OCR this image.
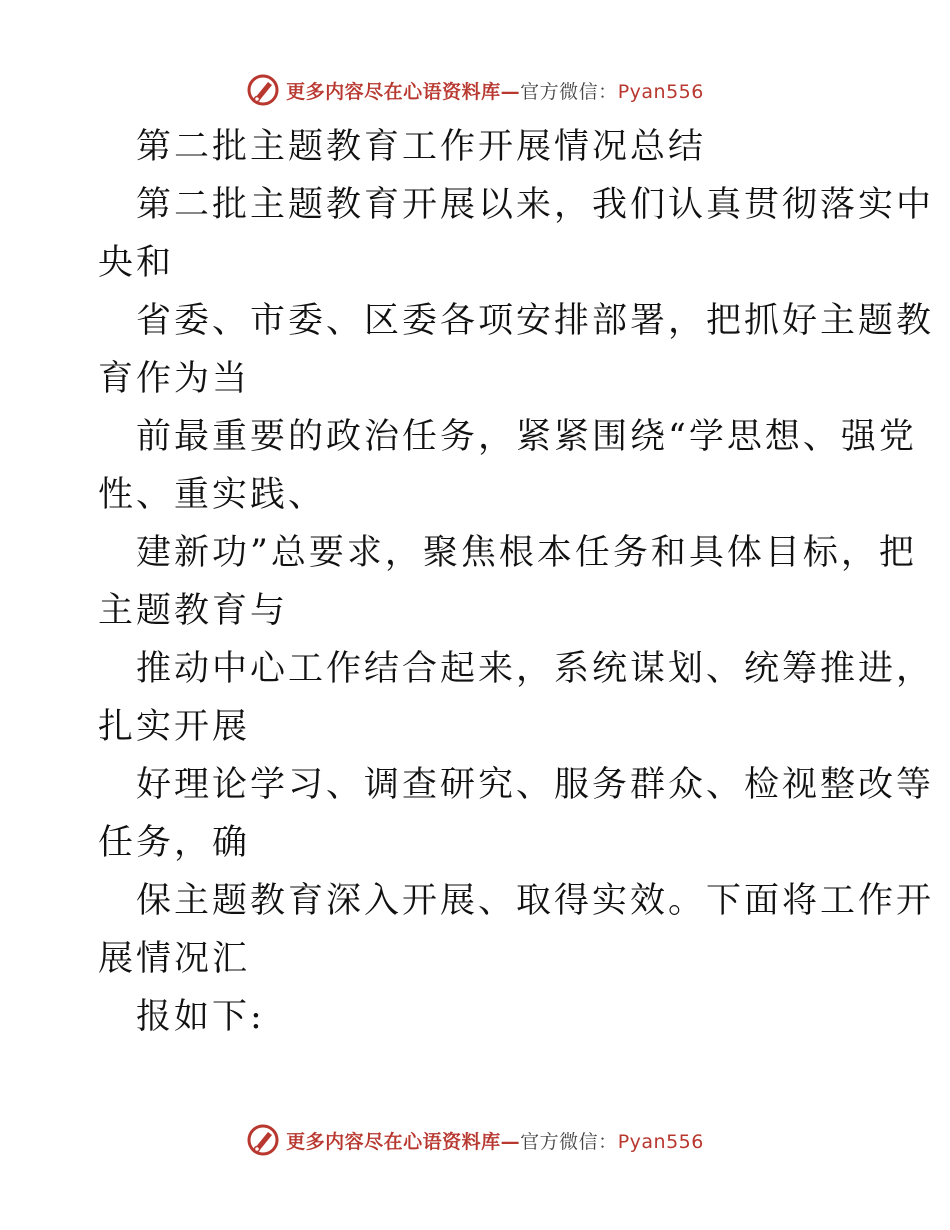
更多内容尽在心语资料库—官方微信：Pyan556
第二批主题教育工作开展情况总结
第二批主题教育开展以来，我们认真贯彻落实中
央和
省委、市委、区委各项安排部署，把抓好主题教
育作为当
前最重要的政治任务，紧紧围绕“学思想、强党
性、重实践、
建新功”总要求，聚焦根本任务和具体目标，把
主题教育与
推动中心工作结合起来，系统谋划、统筹推进，
扎实开展
好理论学习、调查研究、服务群众、检视整改等
任务，确
保主题教育深入开展、取得实效。下面将工作开
展情况汇
报如下:
更多内容尽在心语资料库—官方微信：Pyan556
